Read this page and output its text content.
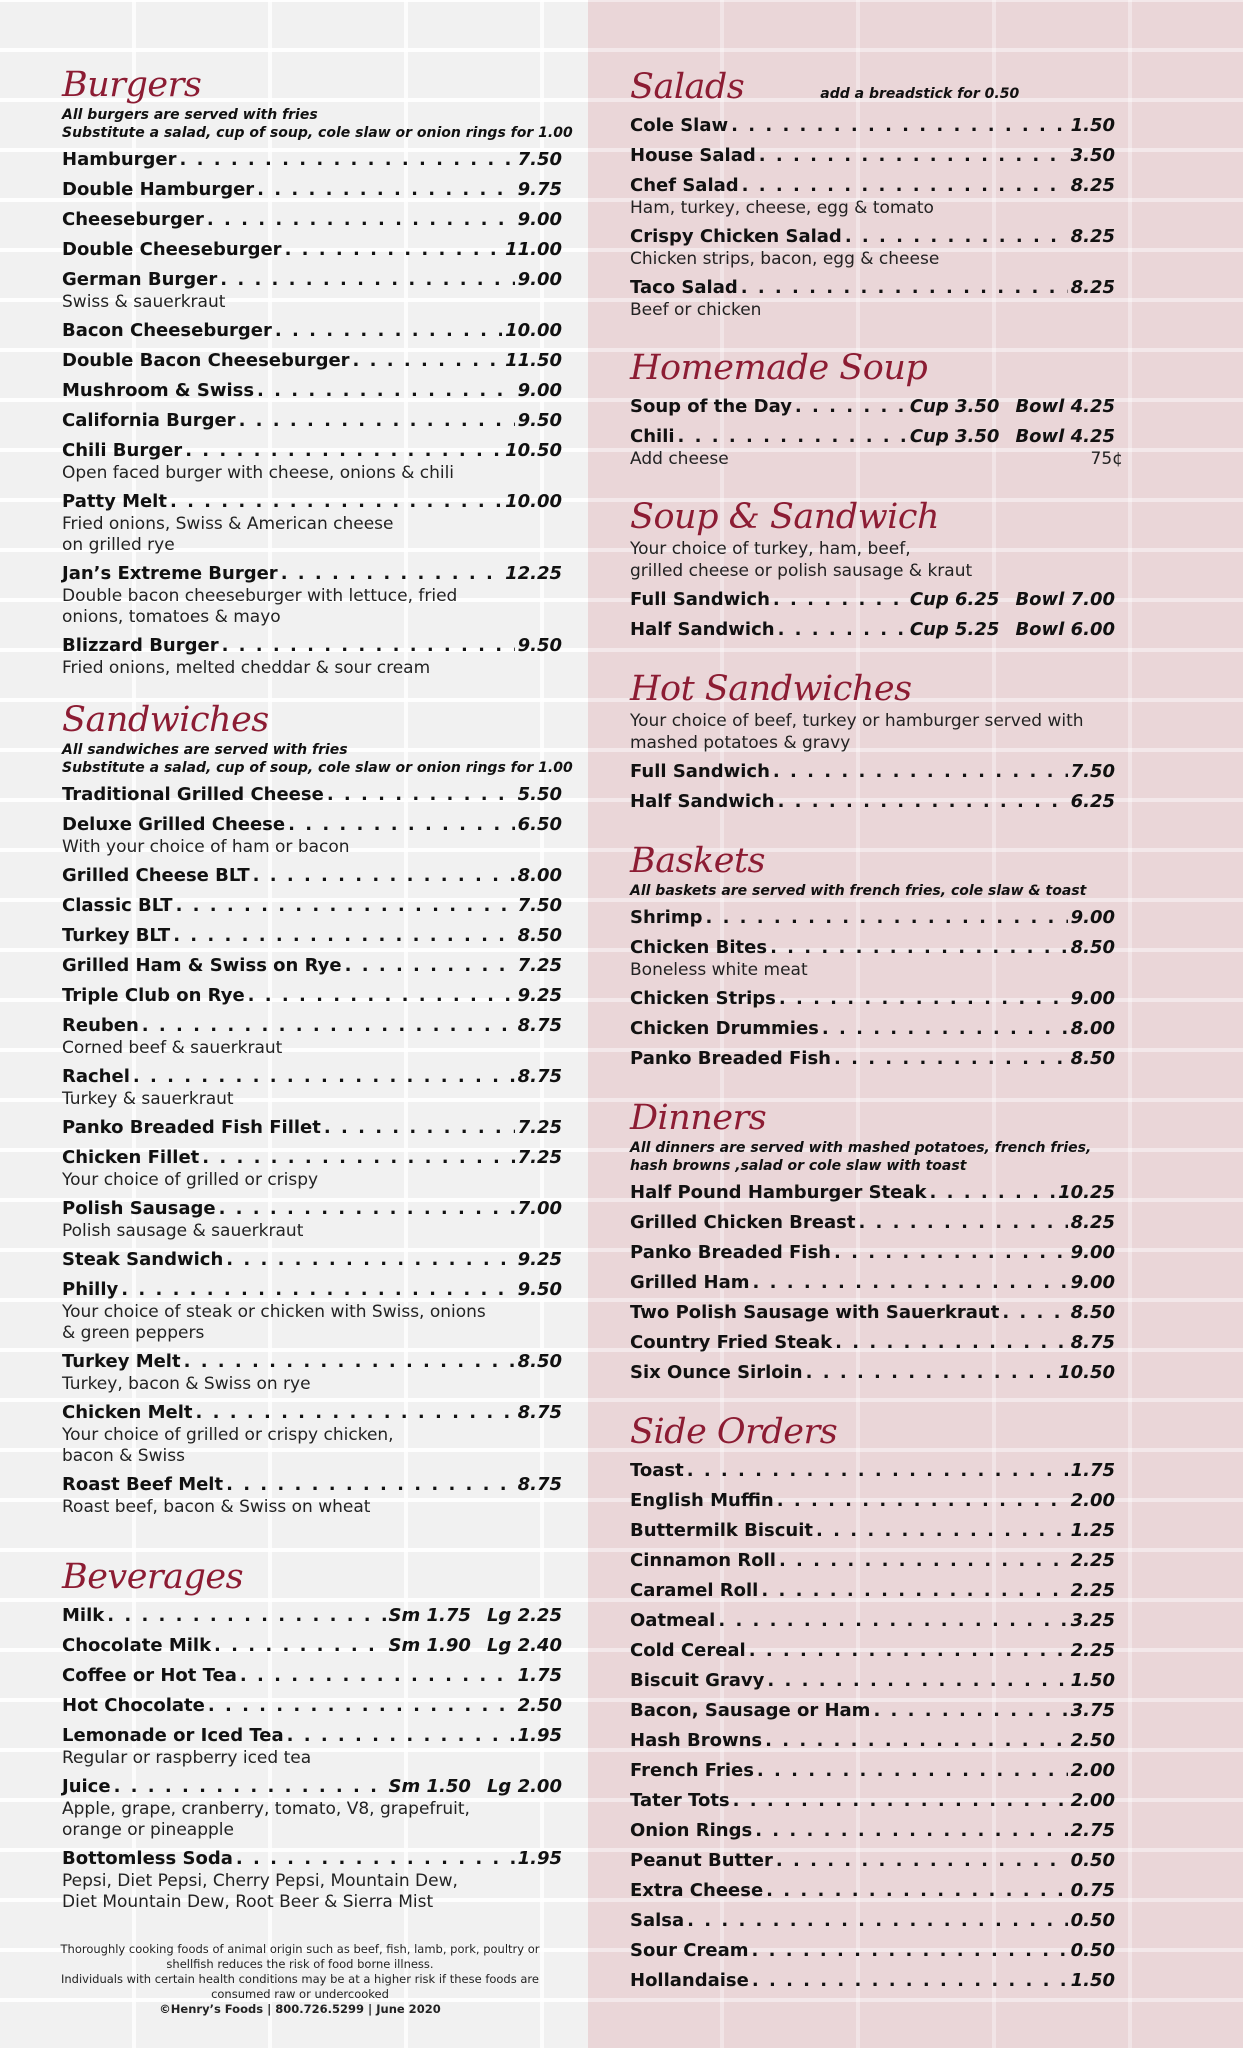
Burgers
All burgers are served with fries
Substitute a salad, cup of soup, cole slaw or onion rings for 1.00
Hamburger . . .	7.50
Double Hamburger . . .	9.75
Cheeseburger . . .	9.00
Double Cheeseburger . . .	11.00
German Burger . . .	9.00
Swiss & sauerkraut
Bacon Cheeseburger . . .	10.00
Double Bacon Cheeseburger . . .	11.50
Mushroom & Swiss . . .	9.00
California Burger . . .	9.50
Chili Burger . . .	10.50
Open faced burger with cheese, onions & chili
Patty Melt . . .	10.00
Fried onions, Swiss & American cheese
on grilled rye
Jan’s Extreme Burger . . .	12.25
Double bacon cheeseburger with lettuce, fried
onions, tomatoes & mayo
Blizzard Burger . . .	9.50
Fried onions, melted cheddar & sour cream
Sandwiches
All sandwiches are served with fries
Substitute a salad, cup of soup, cole slaw or onion rings for 1.00
Traditional Grilled Cheese . . .	5.50
Deluxe Grilled Cheese . . .	6.50
With your choice of ham or bacon
Grilled Cheese BLT . . .	8.00
Classic BLT . . .	7.50
Turkey BLT . . .	8.50
Grilled Ham & Swiss on Rye . . .	7.25
Triple Club on Rye . . .	9.25
Reuben . . .	8.75
Corned beef & sauerkraut
Rachel . . .	8.75
Turkey & sauerkraut
Panko Breaded Fish Fillet . . .	7.25
Chicken Fillet . . .	7.25
Your choice of grilled or crispy
Polish Sausage . . .	7.00
Polish sausage & sauerkraut
Steak Sandwich . . .	9.25
Philly . . .	9.50
Your choice of steak or chicken with Swiss, onions
& green peppers
Turkey Melt . . .	8.50
Turkey, bacon & Swiss on rye
Chicken Melt . . .	8.75
Your choice of grilled or crispy chicken,
bacon & Swiss
Roast Beef Melt . . .	8.75
Roast beef, bacon & Swiss on wheat
Beverages
Milk . . .	Sm 1.75 Lg 2.25
Chocolate Milk . . .	Sm 1.90 Lg 2.40
Coffee or Hot Tea . . .	1.75
Hot Chocolate . . .	2.50
Lemonade or Iced Tea . . .	1.95
Regular or raspberry iced tea
Juice . . .	Sm 1.50 Lg 2.00
Apple, grape, cranberry, tomato, V8, grapefruit,
orange or pineapple
Bottomless Soda . . .	1.95
Pepsi, Diet Pepsi, Cherry Pepsi, Mountain Dew,
Diet Mountain Dew, Root Beer & Sierra Mist
Salads	add a breadstick for 0.50
Cole Slaw . . .	1.50
House Salad . . .	3.50
Chef Salad . . .	8.25
Ham, turkey, cheese, egg & tomato
Crispy Chicken Salad . . .	8.25
Chicken strips, bacon, egg & cheese
Taco Salad . . .	8.25
Beef or chicken
Homemade Soup
Soup of the Day . . .	Cup 3.50 Bowl 4.25
Chili . . .	Cup 3.50 Bowl 4.25
Add cheese	75¢
Soup & Sandwich
Your choice of turkey, ham, beef,
grilled cheese or polish sausage & kraut
Full Sandwich . . .	Cup 6.25 Bowl 7.00
Half Sandwich . . .	Cup 5.25 Bowl 6.00
Hot Sandwiches
Your choice of beef, turkey or hamburger served with
mashed potatoes & gravy
Full Sandwich . . .	7.50
Half Sandwich . . .	6.25
Baskets
All baskets are served with french fries, cole slaw & toast
Shrimp . . .	9.00
Chicken Bites . . .	8.50
Boneless white meat
Chicken Strips . . .	9.00
Chicken Drummies . . .	8.00
Panko Breaded Fish . . .	8.50
Dinners
All dinners are served with mashed potatoes, french fries,
hash browns ,salad or cole slaw with toast
Half Pound Hamburger Steak . . .	10.25
Grilled Chicken Breast . . .	8.25
Panko Breaded Fish . . .	9.00
Grilled Ham . . .	9.00
Two Polish Sausage with Sauerkraut . . .	8.50
Country Fried Steak . . .	8.75
Six Ounce Sirloin . . .	10.50
Side Orders
Toast . . .	1.75
English Muffin . . .	2.00
Buttermilk Biscuit . . .	1.25
Cinnamon Roll . . .	2.25
Caramel Roll . . .	2.25
Oatmeal . . .	3.25
Cold Cereal . . .	2.25
Biscuit Gravy . . .	1.50
Bacon, Sausage or Ham . . .	3.75
Hash Browns . . .	2.50
French Fries . . .	2.00
Tater Tots . . .	2.00
Onion Rings . . .	2.75
Peanut Butter . . .	0.50
Extra Cheese . . .	0.75
Salsa . . .	0.50
Sour Cream . . .	0.50
Hollandaise . . .	1.50
Thoroughly cooking foods of animal origin such as beef, fish, lamb, pork, poultry or shellfish reduces the risk of food borne illness.
Individuals with certain health conditions may be at a higher risk if these foods are consumed raw or undercooked
©Henry’s Foods | 800.726.5299 | June 2020
